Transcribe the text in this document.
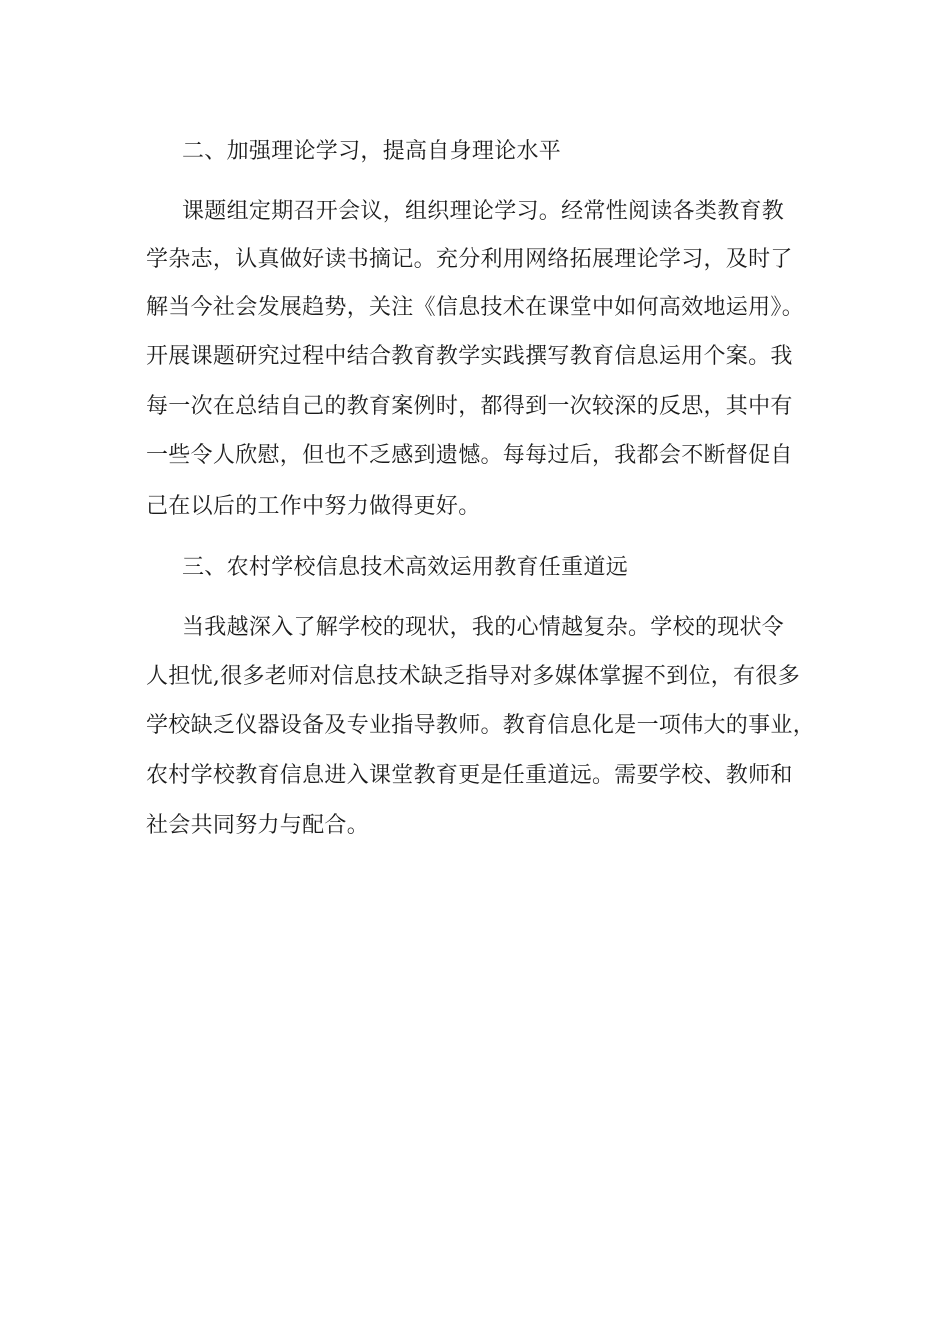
二、加强理论学习，提高自身理论水平
课题组定期召开会议，组织理论学习。经常性阅读各类教育教
学杂志，认真做好读书摘记。充分利用网络拓展理论学习，及时了
解当今社会发展趋势，关注《信息技术在课堂中如何高效地运用》。
开展课题研究过程中结合教育教学实践撰写教育信息运用个案。我
每一次在总结自己的教育案例时，都得到一次较深的反思，其中有
一些令人欣慰，但也不乏感到遗憾。每每过后，我都会不断督促自
己在以后的工作中努力做得更好。
三、农村学校信息技术高效运用教育任重道远
当我越深入了解学校的现状，我的心情越复杂。学校的现状令
人担忧,很多老师对信息技术缺乏指导对多媒体掌握不到位，有很多
学校缺乏仪器设备及专业指导教师。教育信息化是一项伟大的事业，
农村学校教育信息进入课堂教育更是任重道远。需要学校、教师和
社会共同努力与配合。
